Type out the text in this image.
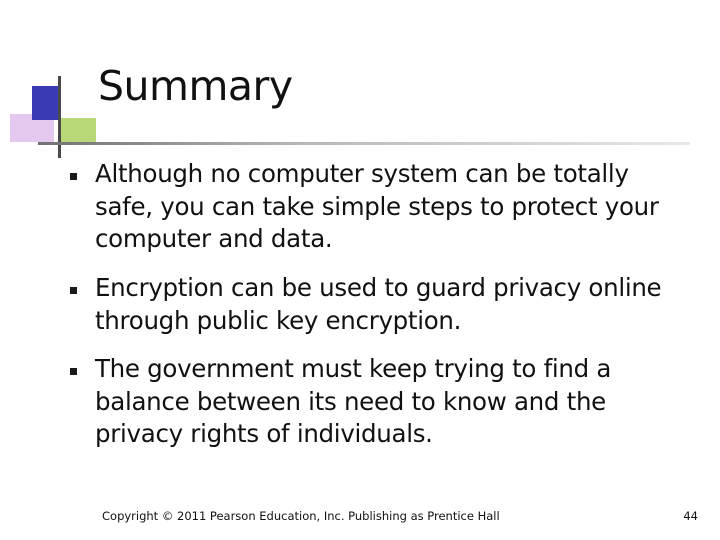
Summary
Although no computer system can be totally safe, you can take simple steps to protect your computer and data.
Encryption can be used to guard privacy online through public key encryption.
The government must keep trying to find a balance between its need to know and the privacy rights of individuals.
Copyright © 2011 Pearson Education, Inc. Publishing as Prentice Hall	44
